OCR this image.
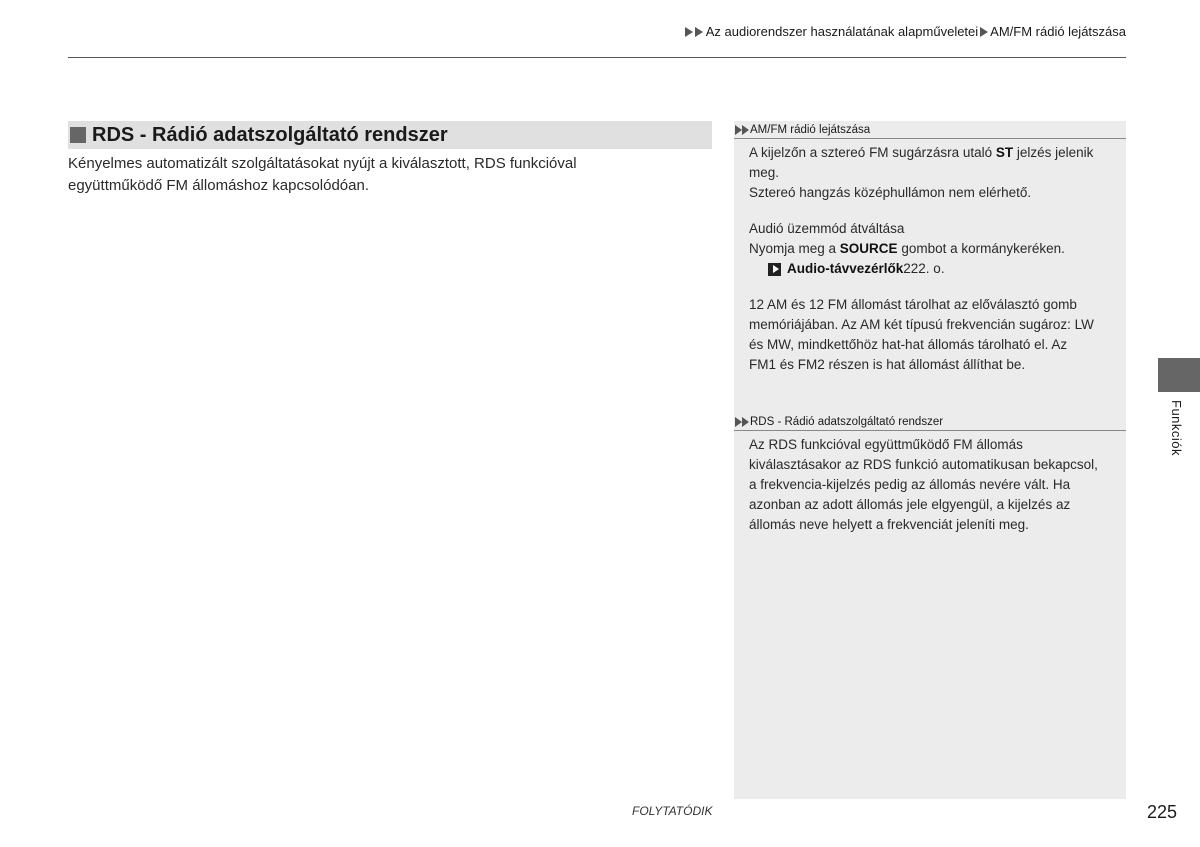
Az audiorendszer használatának alapműveletei AM/FM rádió lejátszása
RDS - Rádió adatszolgáltató rendszer
Kényelmes automatizált szolgáltatásokat nyújt a kiválasztott, RDS funkcióval
együttműködő FM állomáshoz kapcsolódóan.
AM/FM rádió lejátszása

A kijelzőn a sztereó FM sugárzásra utaló ST jelzés jelenik meg.

Sztereó hangzás középhullámon nem elérhető.

Audió üzemmód átváltása

Nyomja meg a SOURCE gombot a kormánykeréken.

Audio-távvezérlők 222. o.

12 AM és 12 FM állomást tárolhat az előválasztó gomb

memóriájában. Az AM két típusú frekvencián sugároz: LW

és MW, mindkettőhöz hat-hat állomás tárolható el. Az

FM1 és FM2 részen is hat állomást állíthat be.

RDS - Rádió adatszolgáltató rendszer

Az RDS funkcióval együttműködő FM állomás

kiválasztásakor az RDS funkció automatikusan bekapcsol,

a frekvencia-kijelzés pedig az állomás nevére vált. Ha

azonban az adott állomás jele elgyengül, a kijelzés az

állomás neve helyett a frekvenciát jeleníti meg.

Funkciók
FOLYTATÓDIK	225
